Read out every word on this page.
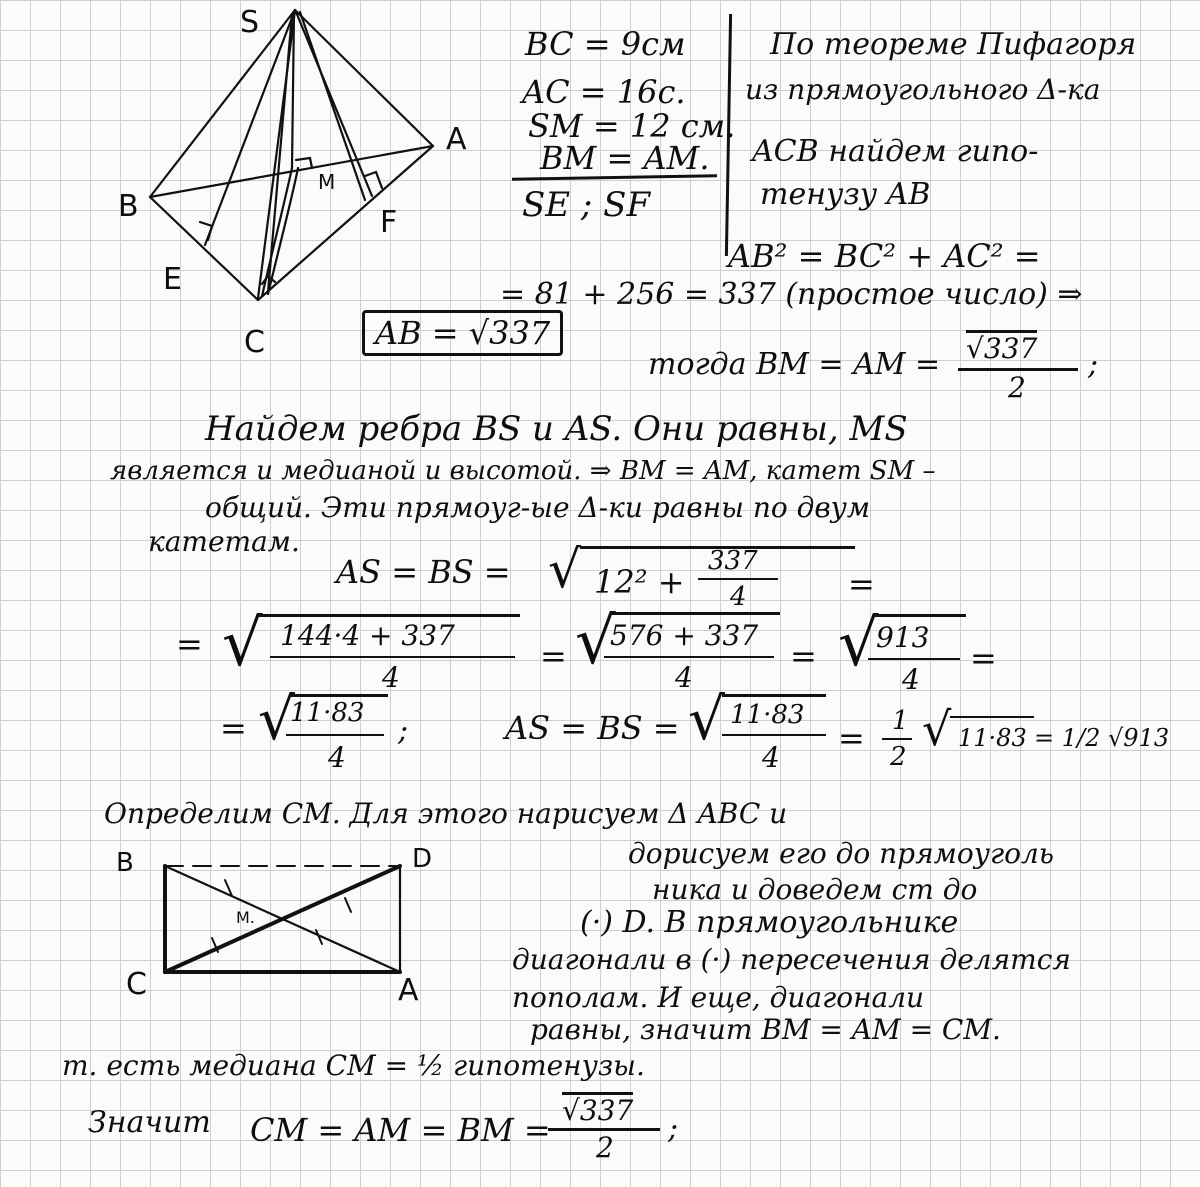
S
A
B
E
F
C
M
BC = 9см
AC = 16с.
SM = 12 см.
BM = AM.
SE ; SF
По теореме Пифагоря
из прямоугольного Δ-ка
ACB найдем гипо-
тенузу AB
AB² = BC² + AC² =
= 81 + 256 = 337 (простое число) ⇒
AB = √337
тогда BM = AM = √337
2
;
Найдем ребра BS и AS. Они равны, MS
является и медианой и высотой. ⇒ BM = AM, катет SM –
общий. Эти прямоуг-ые Δ-ки равны по двум
катетам.
AS = BS = √ 12² +
337
4	=
= √ 144·4 + 337
4
= √
576 + 337
4
= √
913
4
=
= √
11·83
4
;	AS = BS = √ 11·83
4
= 1
2
√ 11·83 = 1/2 √913
Определим CM. Для этого нарисуем Δ ABC и
дорисуем его до прямоуголь
ника и доведем cm до
(·) D. В прямоугольнике
диагонали в (·) пересечения делятся
пополам. И еще, диагонали
равны, значит BM = AM = CM.
т. есть медиана CM = ½ гипотенузы.
Значит CM = AM = BM =
√337
2
;
B	D
C	A
M.
